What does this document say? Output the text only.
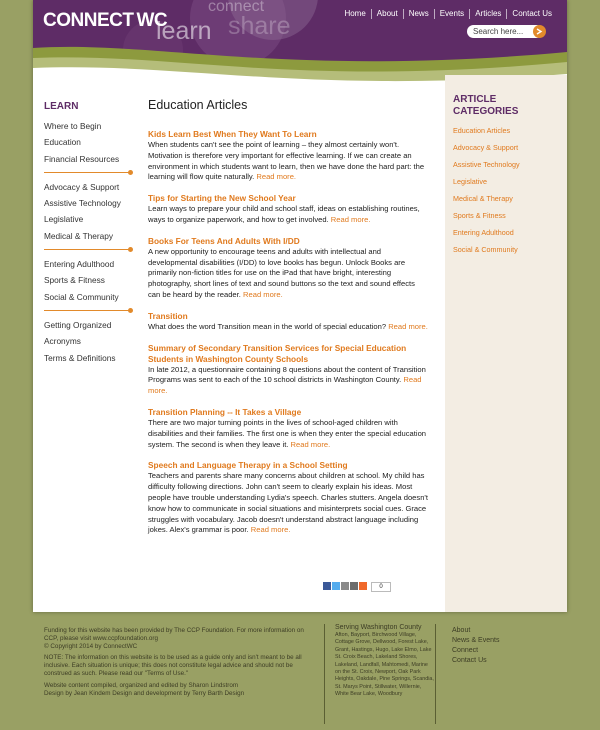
connect
learn share
CONNECT WC	Home	About	News	Events	Articles	Contact Us
Search here...
LEARN
Where to Begin
Education
Financial Resources
Advocacy & Support
Assistive Technology
Legislative
Medical & Therapy
Entering Adulthood
Sports & Fitness
Social & Community
Getting Organized
Acronyms
Terms & Definitions
Education Articles
Kids Learn Best When They Want To Learn

When students can't see the point of learning – they almost certainly won't. Motivation is therefore very important for effective learning. If we can create an environment in which students want to learn, then we have done the hard part: the learning will flow quite naturally. Read more.

Tips for Starting the New School Year

Learn ways to prepare your child and school staff, ideas on establishing routines, ways to organize paperwork, and how to get involved. Read more.

Books For Teens And Adults With I/DD

A new opportunity to encourage teens and adults with intellectual and developmental disabilities (I/DD) to love books has begun. Unlock Books are primarily non-fiction titles for use on the iPad that have bright, interesting photography, short lines of text and sound buttons so the text and sound effects can be heard by the reader. Read more.

Transition

What does the word Transition mean in the world of special education? Read more.

Summary of Secondary Transition Services for Special Education Students in Washington County Schools

In late 2012, a questionnaire containing 8 questions about the content of Transition Programs was sent to each of the 10 school districts in Washington County. Read more.

Transition Planning -- It Takes a Village

There are two major turning points in the lives of school-aged children with disabilities and their families. The first one is when they enter the special education system. The second is when they leave it. Read more.

Speech and Language Therapy in a School Setting

Teachers and parents share many concerns about children at school. My child has difficulty following directions. John can't seem to clearly explain his ideas. Most people have trouble understanding Lydia's speech. Charles stutters. Angela doesn't know how to communicate in social situations and misinterprets social cues. Grace struggles with vocabulary. Jacob doesn't understand abstract language including jokes. Alex's grammar is poor. Read more.

0
ARTICLE CATEGORIES
Education Articles
Advocacy & Support
Assistive Technology
Legislative
Medical & Therapy
Sports & Fitness
Entering Adulthood
Social & Community

Funding for this website has been provided by The CCP Foundation. For more information on CCP, please visit www.ccpfoundation.org
© Copyright 2014 by ConnectWC

NOTE: The information on this website is to be used as a guide only and isn't meant to be all inclusive. Each situation is unique; this does not constitute legal advice and should not be construed as such. Please read our "Terms of Use."

Website content compiled, organized and edited by Sharon Lindstrom
Design by Jean Kindem Design and development by Terry Barth Design

Serving Washington County
Afton, Bayport, Birchwood Village, Cottage Grove, Dellwood, Forest Lake, Grant, Hastings, Hugo, Lake Elmo, Lake St. Croix Beach, Lakeland Shores, Lakeland, Landfall, Mahtomedi, Marine on the St. Croix, Newport, Oak Park Heights, Oakdale, Pine Springs, Scandia, St. Marys Point, Stillwater, Willernie, White Bear Lake, Woodbury
About
News & Events
Connect
Contact Us
